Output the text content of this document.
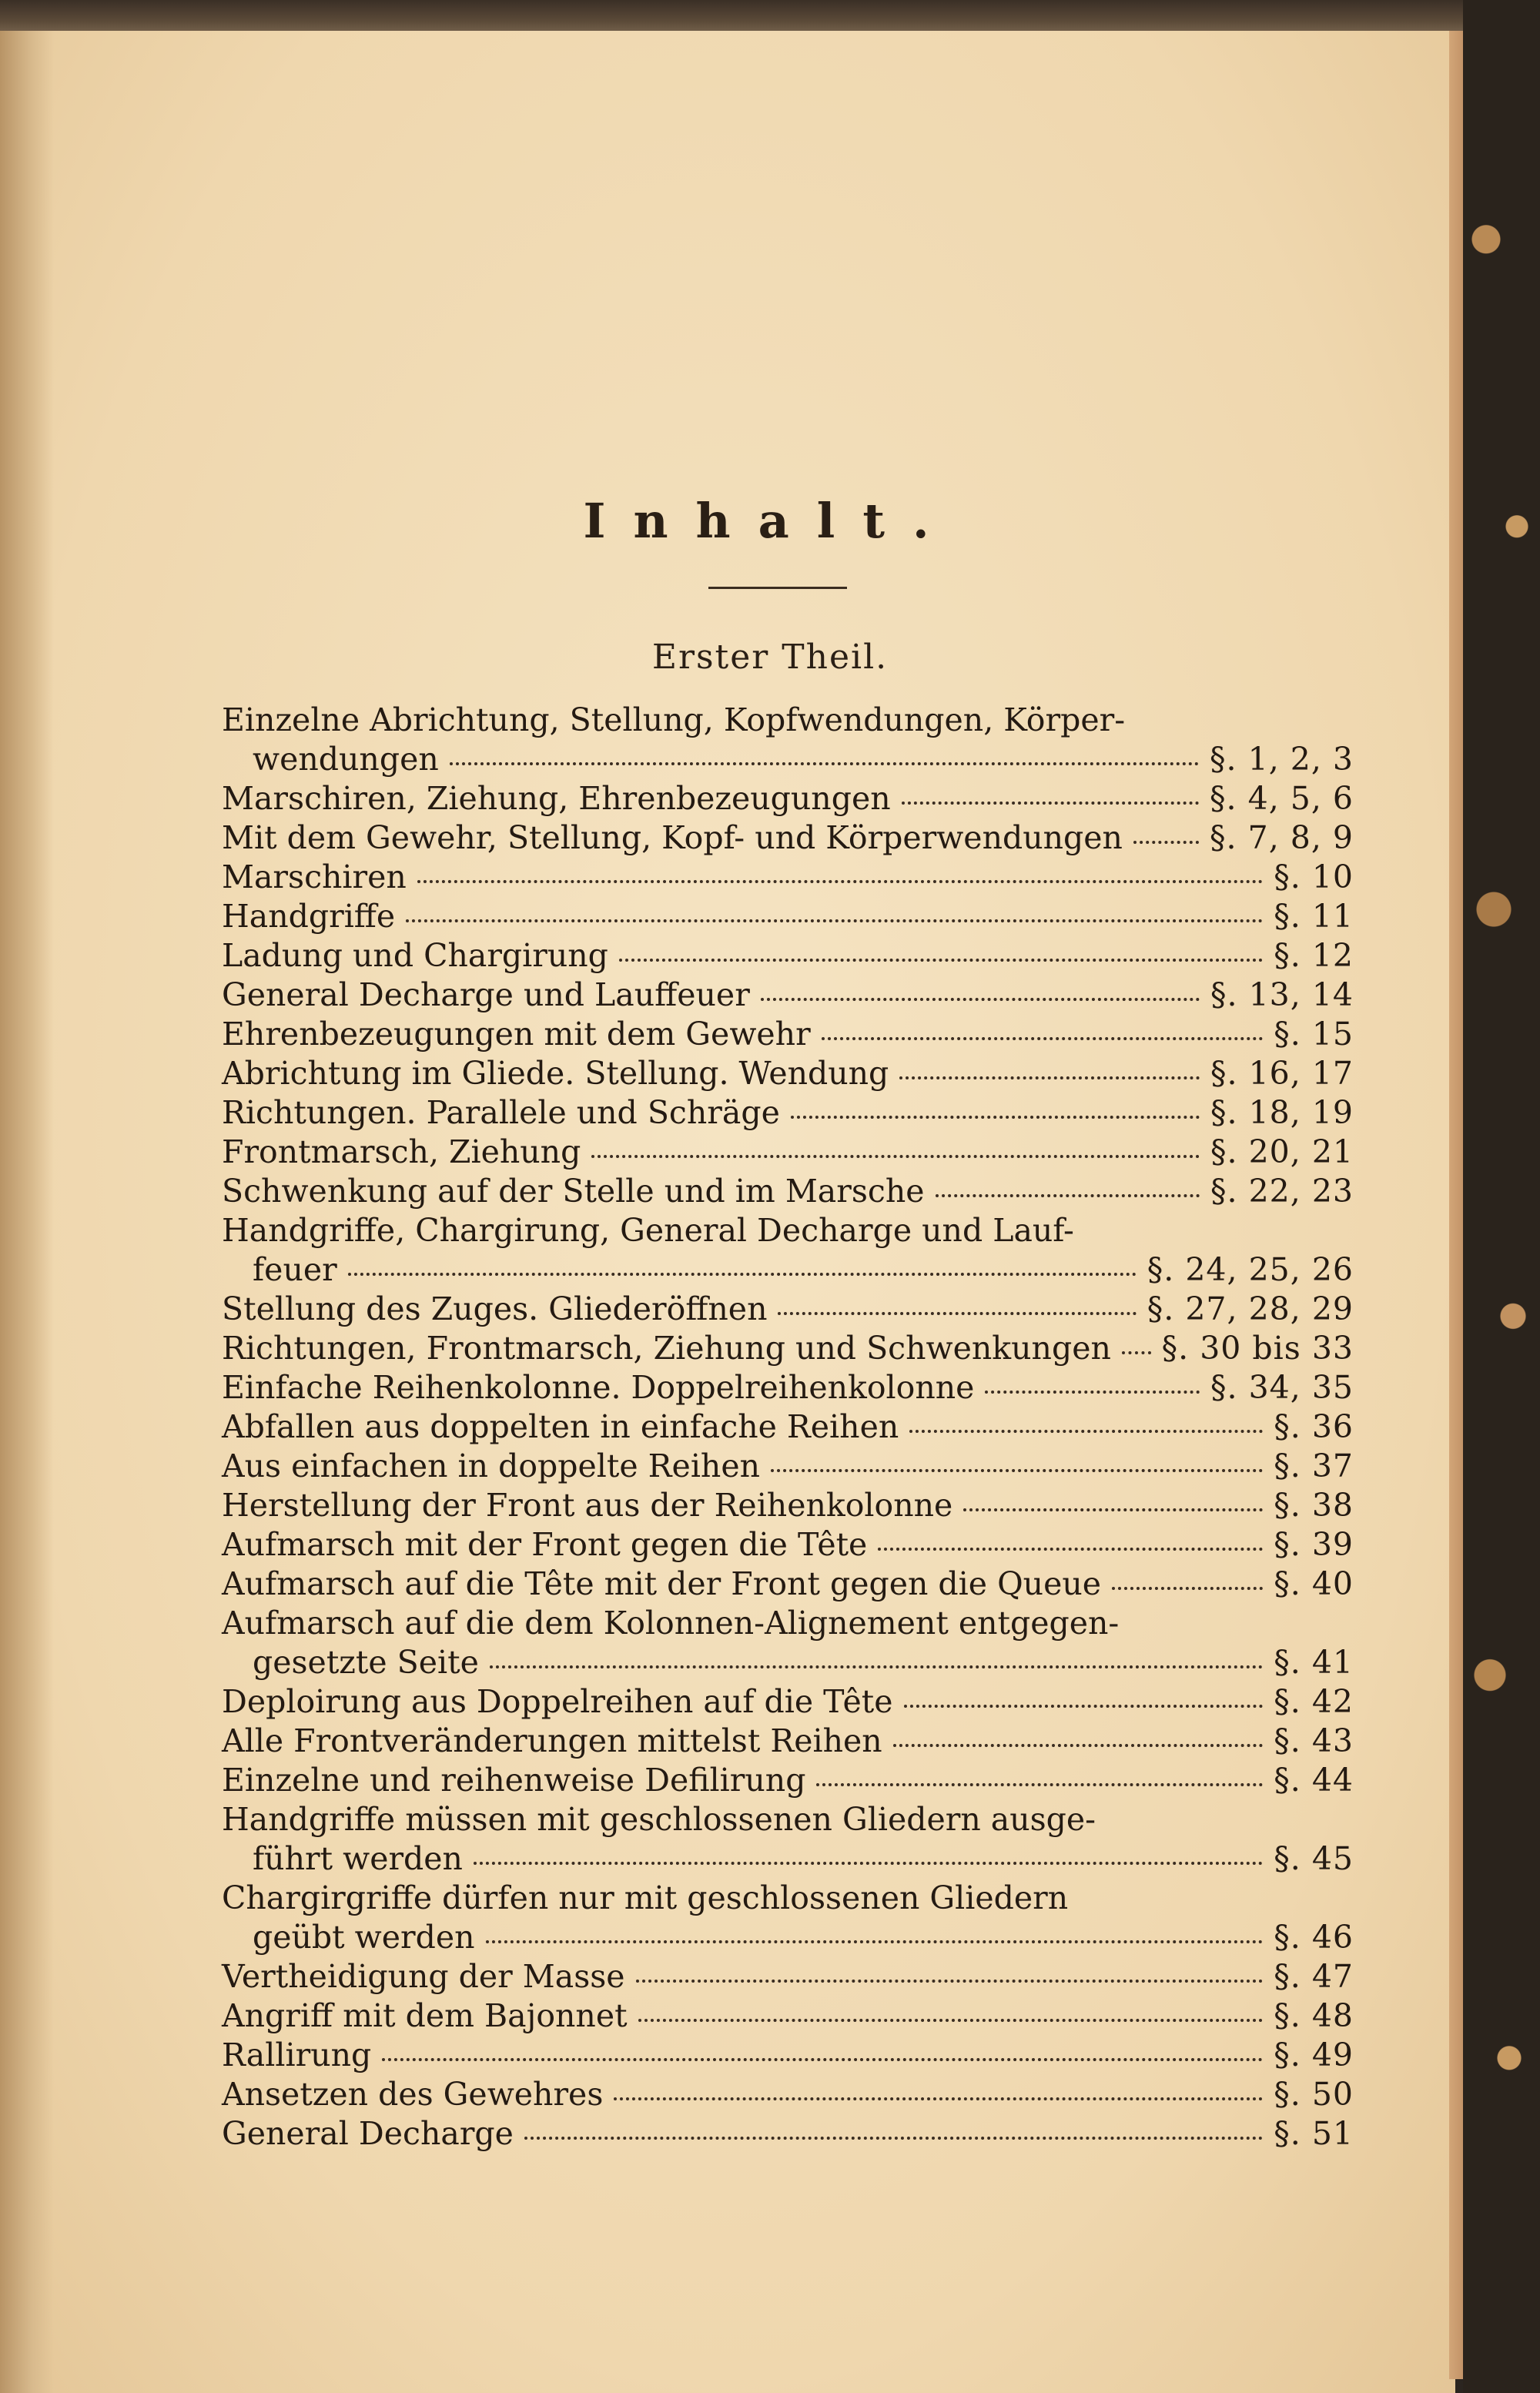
Inhalt.
Erster Theil.
Einzelne Abrichtung, Stellung, Kopfwendungen, Körper-
wendungen	§. 1, 2, 3
Marschiren, Ziehung, Ehrenbezeugungen	§. 4, 5, 6
Mit dem Gewehr, Stellung, Kopf- und Körperwendungen	§. 7, 8, 9
Marschiren	§. 10
Handgriffe	§. 11
Ladung und Chargirung	§. 12
General Decharge und Lauffeuer	§. 13, 14
Ehrenbezeugungen mit dem Gewehr	§. 15
Abrichtung im Gliede. Stellung. Wendung	§. 16, 17
Richtungen. Parallele und Schräge	§. 18, 19
Frontmarsch, Ziehung	§. 20, 21
Schwenkung auf der Stelle und im Marsche	§. 22, 23
Handgriffe, Chargirung, General Decharge und Lauf-
feuer	§. 24, 25, 26
Stellung des Zuges. Gliederöffnen	§. 27, 28, 29
Richtungen, Frontmarsch, Ziehung und Schwenkungen §. 30 bis 33
Einfache Reihenkolonne. Doppelreihenkolonne	§. 34, 35
Abfallen aus doppelten in einfache Reihen	§. 36
Aus einfachen in doppelte Reihen	§. 37
Herstellung der Front aus der Reihenkolonne	§. 38
Aufmarsch mit der Front gegen die Tête	§. 39
Aufmarsch auf die Tête mit der Front gegen die Queue	§. 40
Aufmarsch auf die dem Kolonnen-Alignement entgegen-
gesetzte Seite	§. 41
Deploirung aus Doppelreihen auf die Tête	§. 42
Alle Frontveränderungen mittelst Reihen	§. 43
Einzelne und reihenweise Defilirung	§. 44
Handgriffe müssen mit geschlossenen Gliedern ausge-
führt werden	§. 45
Chargirgriffe dürfen nur mit geschlossenen Gliedern
geübt werden	§. 46
Vertheidigung der Masse	§. 47
Angriff mit dem Bajonnet	§. 48
Rallirung	§. 49
Ansetzen des Gewehres	§. 50
General Decharge	§. 51
